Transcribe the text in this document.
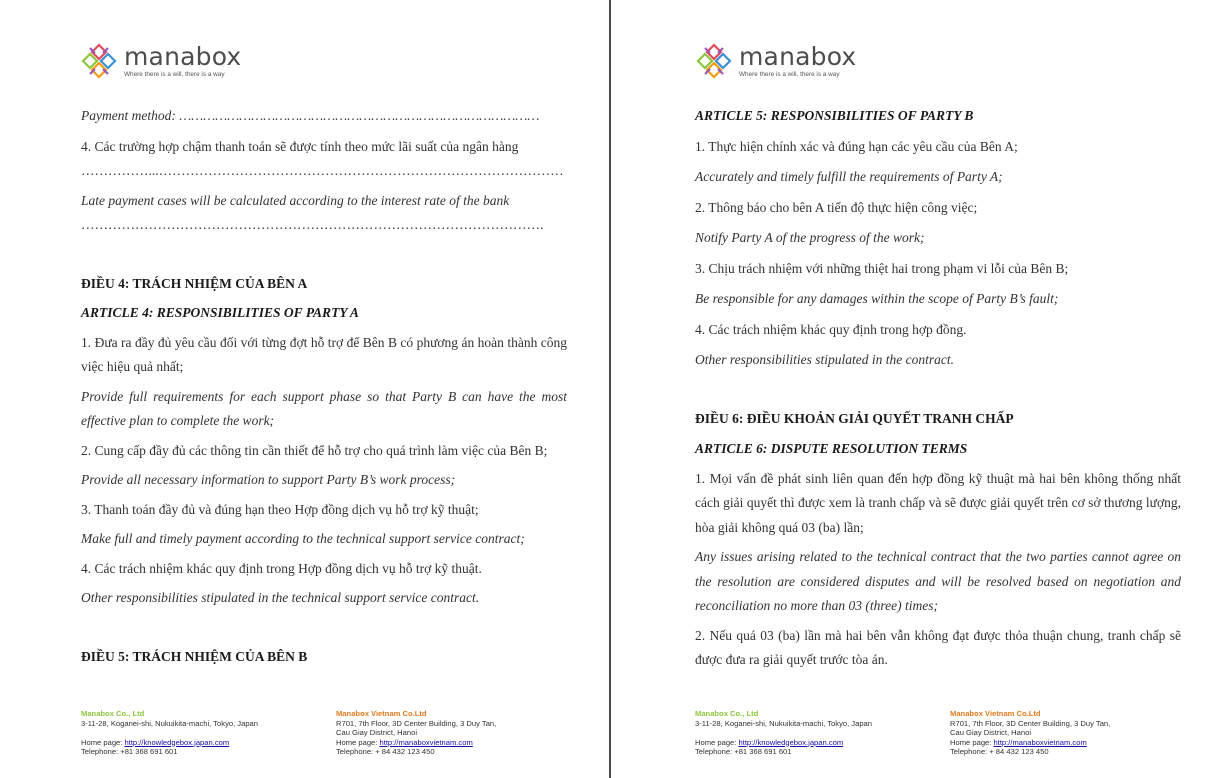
manabox
Where there is a will, there is a way

Payment method: ………………………………………………………………………………

4. Các trường hợp chậm thanh toán sẽ được tính theo mức lãi suất của ngân hàng

……………...………………………………………………………………………………

Late payment cases will be calculated according to the interest rate of the bank

………………………………………………………………………………………….

ĐIỀU 4: TRÁCH NHIỆM CỦA BÊN A

ARTICLE 4: RESPONSIBILITIES OF PARTY A

1. Đưa ra đầy đủ yêu cầu đối với từng đợt hỗ trợ để Bên B có phương án hoàn thành công việc hiệu quả nhất;

Provide full requirements for each support phase so that Party B can have the most effective plan to complete the work;

2. Cung cấp đầy đủ các thông tin cần thiết để hỗ trợ cho quá trình làm việc của Bên B;

Provide all necessary information to support Party B’s work process;

3. Thanh toán đầy đủ và đúng hạn theo Hợp đồng dịch vụ hỗ trợ kỹ thuật;

Make full and timely payment according to the technical support service contract;

4. Các trách nhiệm khác quy định trong Hợp đồng dịch vụ hỗ trợ kỹ thuật.

Other responsibilities stipulated in the technical support service contract.

ĐIỀU 5: TRÁCH NHIỆM CỦA BÊN B

Manabox Co., Ltd
3-11-28, Koganei-shi, Nukuikita-machi, Tokyo, Japan

Home page: http://knowledgebox.japan.com
Telephone: +81 368 691 601
Manabox Vietnam Co.Ltd
R701, 7th Floor, 3D Center Building, 3 Duy Tan,
Cau Giay District, Hanoi
Home page: http://manaboxvietnam.com
Telephone: + 84 432 123 450
manabox
Where there is a will, there is a way

ARTICLE 5: RESPONSIBILITIES OF PARTY B

1. Thực hiện chính xác và đúng hạn các yêu cầu của Bên A;

Accurately and timely fulfill the requirements of Party A;

2. Thông báo cho bên A tiến độ thực hiện công việc;

Notify Party A of the progress of the work;

3. Chịu trách nhiệm với những thiệt hai trong phạm vi lỗi của Bên B;

Be responsible for any damages within the scope of Party B’s fault;

4. Các trách nhiệm khác quy định trong hợp đồng.

Other responsibilities stipulated in the contract.

ĐIỀU 6: ĐIỀU KHOẢN GIẢI QUYẾT TRANH CHẤP

ARTICLE 6: DISPUTE RESOLUTION TERMS

1. Mọi vấn đề phát sinh liên quan đến hợp đồng kỹ thuật mà hai bên không thống nhất cách giải quyết thì được xem là tranh chấp và sẽ được giải quyết trên cơ sở thương lượng, hòa giải không quá 03 (ba) lần;

Any issues arising related to the technical contract that the two parties cannot agree on the resolution are considered disputes and will be resolved based on negotiation and reconciliation no more than 03 (three) times;

2. Nếu quá 03 (ba) lần mà hai bên vẫn không đạt được thỏa thuận chung, tranh chấp sẽ được đưa ra giải quyết trước tòa án.

Manabox Co., Ltd
3-11-28, Koganei-shi, Nukuikita-machi, Tokyo, Japan

Home page: http://knowledgebox.japan.com
Telephone: +81 368 691 601
Manabox Vietnam Co.Ltd
R701, 7th Floor, 3D Center Building, 3 Duy Tan,
Cau Giay District, Hanoi
Home page: http://manaboxvietnam.com
Telephone: + 84 432 123 450
